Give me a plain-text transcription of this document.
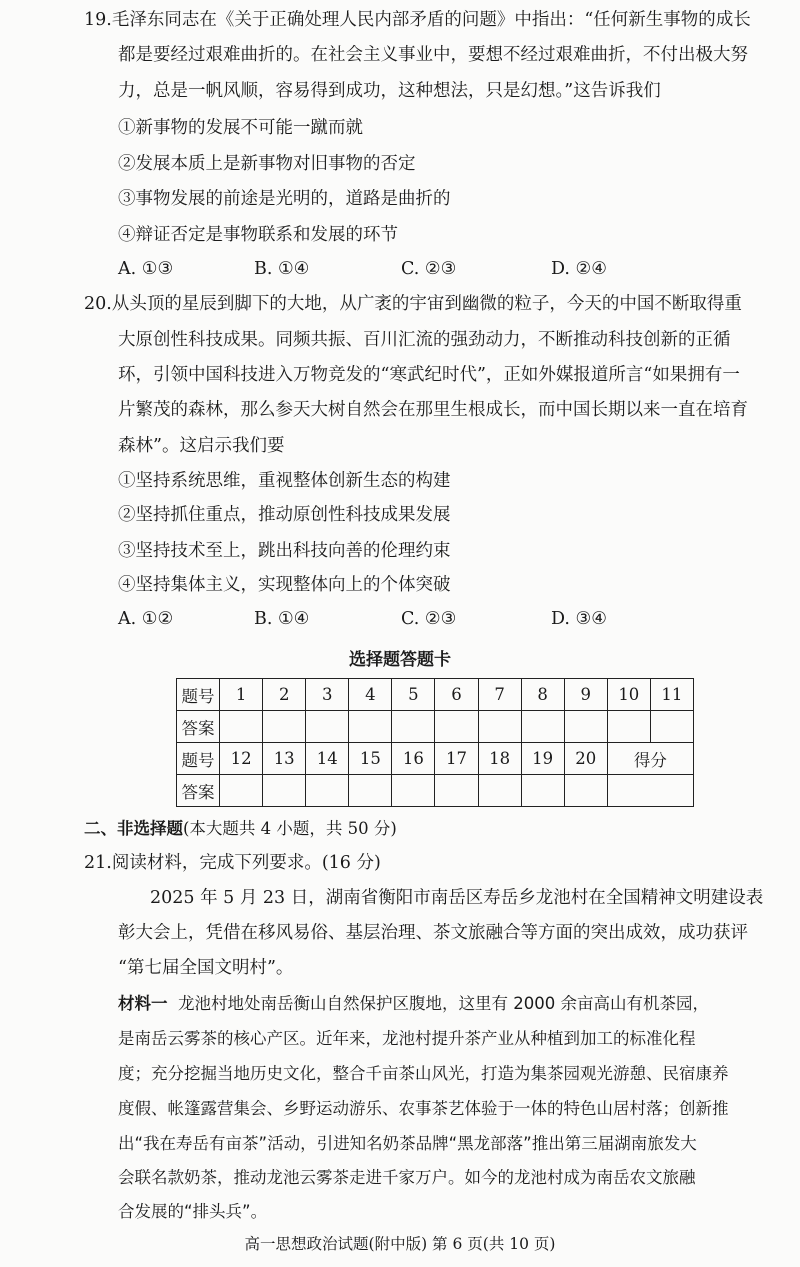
19.毛泽东同志在《关于正确处理人民内部矛盾的问题》中指出：“任何新生事物的成长
都是要经过艰难曲折的。在社会主义事业中，要想不经过艰难曲折，不付出极大努
力，总是一帆风顺，容易得到成功，这种想法，只是幻想。”这告诉我们
①新事物的发展不可能一蹴而就
②发展本质上是新事物对旧事物的否定
③事物发展的前途是光明的，道路是曲折的
④辩证否定是事物联系和发展的环节
A. ①③	B. ①④	C. ②③	D. ②④
20.从头顶的星辰到脚下的大地，从广袤的宇宙到幽微的粒子，今天的中国不断取得重
大原创性科技成果。同频共振、百川汇流的强劲动力，不断推动科技创新的正循
环，引领中国科技进入万物竞发的“寒武纪时代”，正如外媒报道所言“如果拥有一
片繁茂的森林，那么参天大树自然会在那里生根成长，而中国长期以来一直在培育
森林”。这启示我们要
①坚持系统思维，重视整体创新生态的构建
②坚持抓住重点，推动原创性科技成果发展
③坚持技术至上，跳出科技向善的伦理约束
④坚持集体主义，实现整体向上的个体突破
A. ①②	B. ①④	C. ②③	D. ③④
选择题答题卡
题号	1	2	3	4	5	6	7	8	9	10	11
答案											
题号	12	13	14	15	16	17	18	19	20	得分	
答案											
二、非选择题(本大题共 4 小题，共 50 分)
21.阅读材料，完成下列要求。(16 分)
2025 年 5 月 23 日，湖南省衡阳市南岳区寿岳乡龙池村在全国精神文明建设表
彰大会上，凭借在移风易俗、基层治理、茶文旅融合等方面的突出成效，成功获评
“第七届全国文明村”。
材料一 龙池村地处南岳衡山自然保护区腹地，这里有 2000 余亩高山有机茶园，
是南岳云雾茶的核心产区。近年来，龙池村提升茶产业从种植到加工的标准化程
度；充分挖掘当地历史文化，整合千亩茶山风光，打造为集茶园观光游憩、民宿康养
度假、帐篷露营集会、乡野运动游乐、农事茶艺体验于一体的特色山居村落；创新推
出“我在寿岳有亩茶”活动，引进知名奶茶品牌“黑龙部落”推出第三届湖南旅发大
会联名款奶茶，推动龙池云雾茶走进千家万户。如今的龙池村成为南岳农文旅融
合发展的“排头兵”。
高一思想政治试题(附中版) 第 6 页(共 10 页)
